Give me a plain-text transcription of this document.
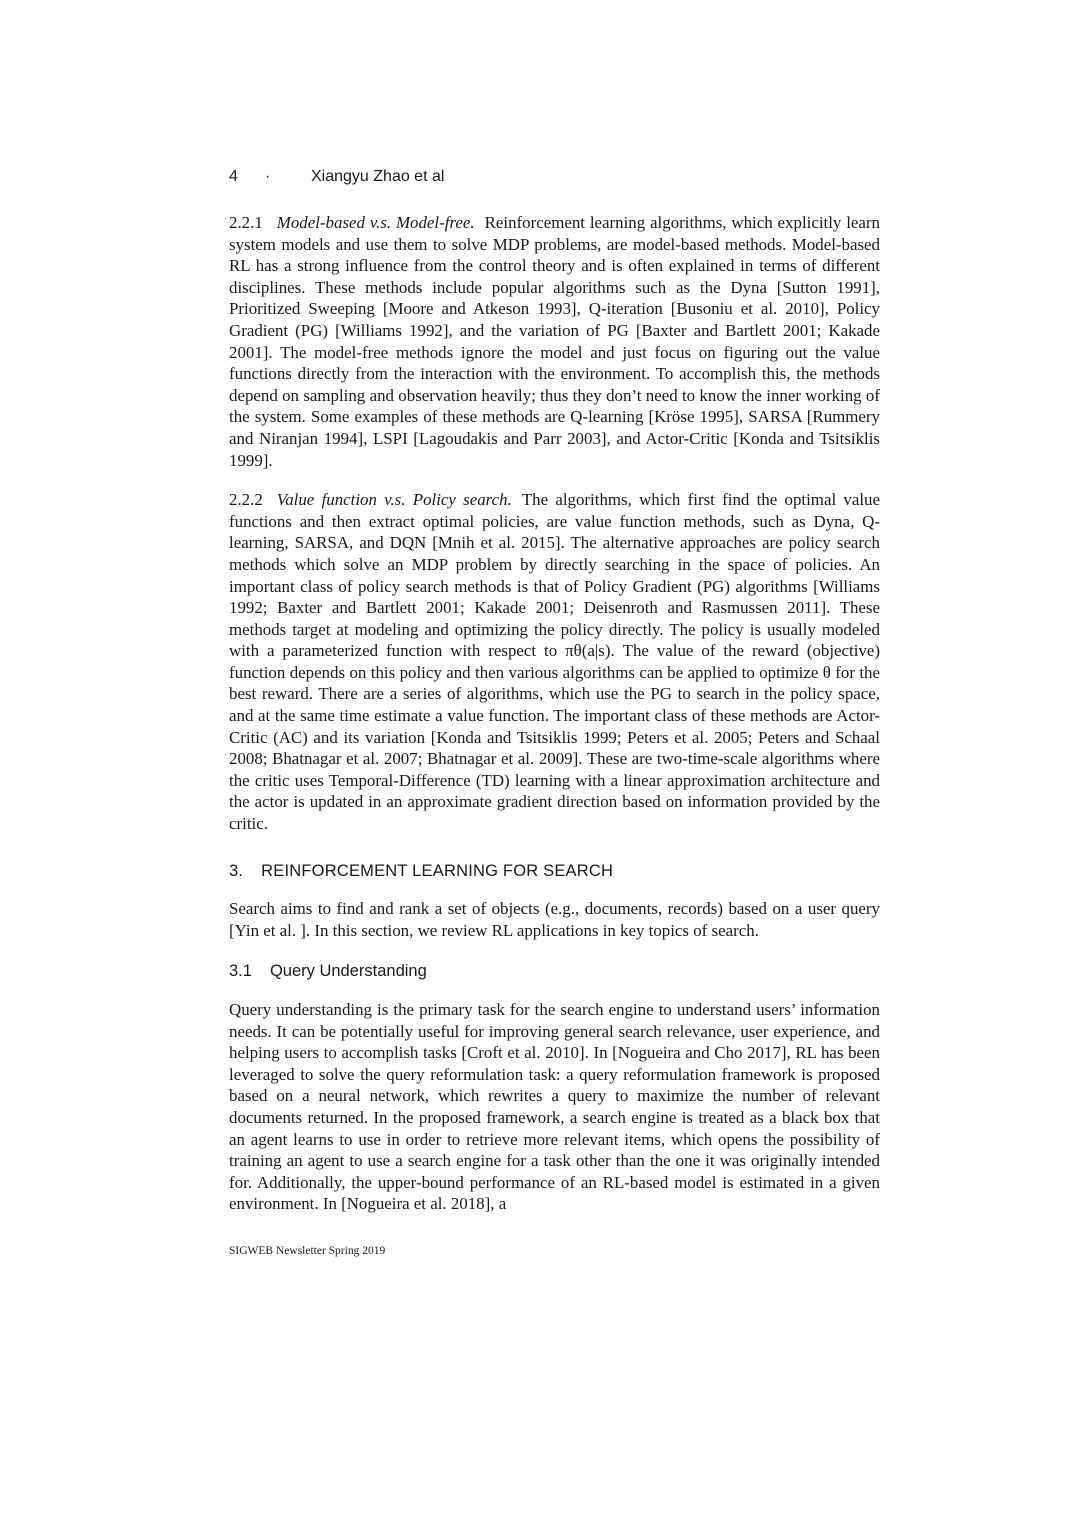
4	·	Xiangyu Zhao et al

2.2.1 Model-based v.s. Model-free. Reinforcement learning algorithms, which explicitly learn system models and use them to solve MDP problems, are model-based methods. Model-based RL has a strong influence from the control theory and is often explained in terms of different disciplines. These methods include popular algorithms such as the Dyna [Sutton 1991], Prioritized Sweeping [Moore and Atkeson 1993], Q-iteration [Busoniu et al. 2010], Policy Gradient (PG) [Williams 1992], and the variation of PG [Baxter and Bartlett 2001; Kakade 2001]. The model-free methods ignore the model and just focus on figuring out the value functions directly from the interaction with the environment. To accomplish this, the methods depend on sampling and observation heavily; thus they don’t need to know the inner working of the system. Some examples of these methods are Q-learning [Kröse 1995], SARSA [Rummery and Niranjan 1994], LSPI [Lagoudakis and Parr 2003], and Actor-Critic [Konda and Tsitsiklis 1999].

2.2.2 Value function v.s. Policy search. The algorithms, which first find the optimal value functions and then extract optimal policies, are value function methods, such as Dyna, Q-learning, SARSA, and DQN [Mnih et al. 2015]. The alternative approaches are policy search methods which solve an MDP problem by directly searching in the space of policies. An important class of policy search methods is that of Policy Gradient (PG) algorithms [Williams 1992; Baxter and Bartlett 2001; Kakade 2001; Deisenroth and Rasmussen 2011]. These methods target at modeling and optimizing the policy directly. The policy is usually modeled with a parameterized function with respect to πθ(a|s). The value of the reward (objective) function depends on this policy and then various algorithms can be applied to optimize θ for the best reward. There are a series of algorithms, which use the PG to search in the policy space, and at the same time estimate a value function. The important class of these methods are Actor-Critic (AC) and its variation [Konda and Tsitsiklis 1999; Peters et al. 2005; Peters and Schaal 2008; Bhatnagar et al. 2007; Bhatnagar et al. 2009]. These are two-time-scale algorithms where the critic uses Temporal-Difference (TD) learning with a linear approximation architecture and the actor is updated in an approximate gradient direction based on information provided by the critic.

3. REINFORCEMENT LEARNING FOR SEARCH

Search aims to find and rank a set of objects (e.g., documents, records) based on a user query [Yin et al. ]. In this section, we review RL applications in key topics of search.

3.1 Query Understanding

Query understanding is the primary task for the search engine to understand users’ information needs. It can be potentially useful for improving general search relevance, user experience, and helping users to accomplish tasks [Croft et al. 2010]. In [Nogueira and Cho 2017], RL has been leveraged to solve the query reformulation task: a query reformulation framework is proposed based on a neural network, which rewrites a query to maximize the number of relevant documents returned. In the proposed framework, a search engine is treated as a black box that an agent learns to use in order to retrieve more relevant items, which opens the possibility of training an agent to use a search engine for a task other than the one it was originally intended for. Additionally, the upper-bound performance of an RL-based model is estimated in a given environment. In [Nogueira et al. 2018], a

SIGWEB Newsletter Spring 2019
